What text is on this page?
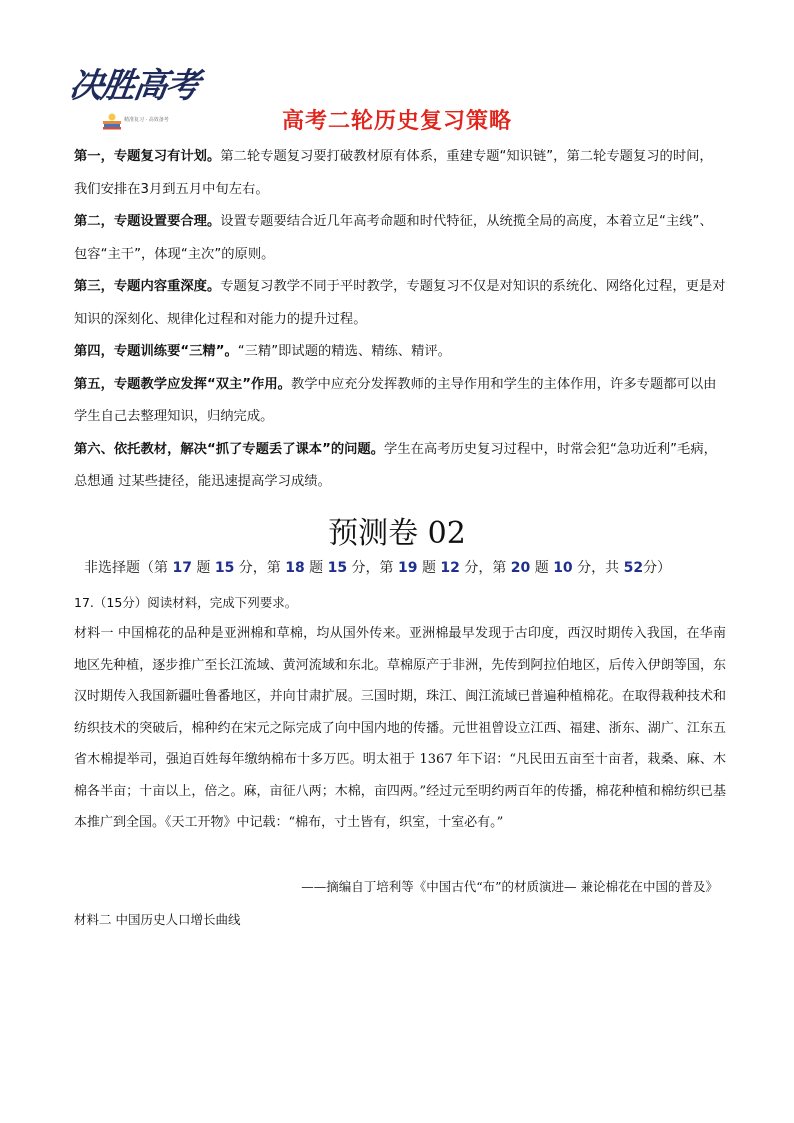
决胜高考
精准复习 · 高效备考	高考二轮历史复习策略

第一，专题复习有计划。第二轮专题复习要打破教材原有体系，重建专题“知识链”，第二轮专题复习的时间，我们安排在3月到五月中旬左右。

第二，专题设置要合理。设置专题要结合近几年高考命题和时代特征，从统揽全局的高度，本着立足“主线”、包容“主干”，体现“主次”的原则。

第三，专题内容重深度。专题复习教学不同于平时教学，专题复习不仅是对知识的系统化、网络化过程，更是对知识的深刻化、规律化过程和对能力的提升过程。

第四，专题训练要“三精”。“三精”即试题的精选、精练、精评。

第五，专题教学应发挥“双主”作用。教学中应充分发挥教师的主导作用和学生的主体作用，许多专题都可以由学生自己去整理知识，归纳完成。

第六、依托教材，解决“抓了专题丢了课本”的问题。学生在高考历史复习过程中，时常会犯“急功近利”毛病，总想通 过某些捷径，能迅速提高学习成绩。

预测卷 02
非选择题（第 17 题 15 分，第 18 题 15 分，第 19 题 12 分，第 20 题 10 分，共 52分）
17.（15分）阅读材料，完成下列要求。

材料一 中国棉花的品种是亚洲棉和草棉，均从国外传来。亚洲棉最早发现于古印度，西汉时期传入我国，在华南地区先种植，逐步推广至长江流域、黄河流域和东北。草棉原产于非洲，先传到阿拉伯地区，后传入伊朗等国，东汉时期传入我国新疆吐鲁番地区，并向甘肃扩展。三国时期，珠江、闽江流域已普遍种植棉花。在取得栽种技术和纺织技术的突破后，棉种约在宋元之际完成了向中国内地的传播。元世祖曾设立江西、福建、浙东、湖广、江东五省木棉提举司，强迫百姓每年缴纳棉布十多万匹。明太祖于 1367 年下诏：“凡民田五亩至十亩者，栽桑、麻、木棉各半亩；十亩以上，倍之。麻，亩征八两；木棉，亩四两。”经过元至明约两百年的传播，棉花种植和棉纺织已基本推广到全国。《天工开物》中记载：“棉布，寸土皆有，织室，十室必有。”

——摘编自丁培利等《中国古代“布”的材质演进— 兼论棉花在中国的普及》
材料二 中国历史人口增长曲线
